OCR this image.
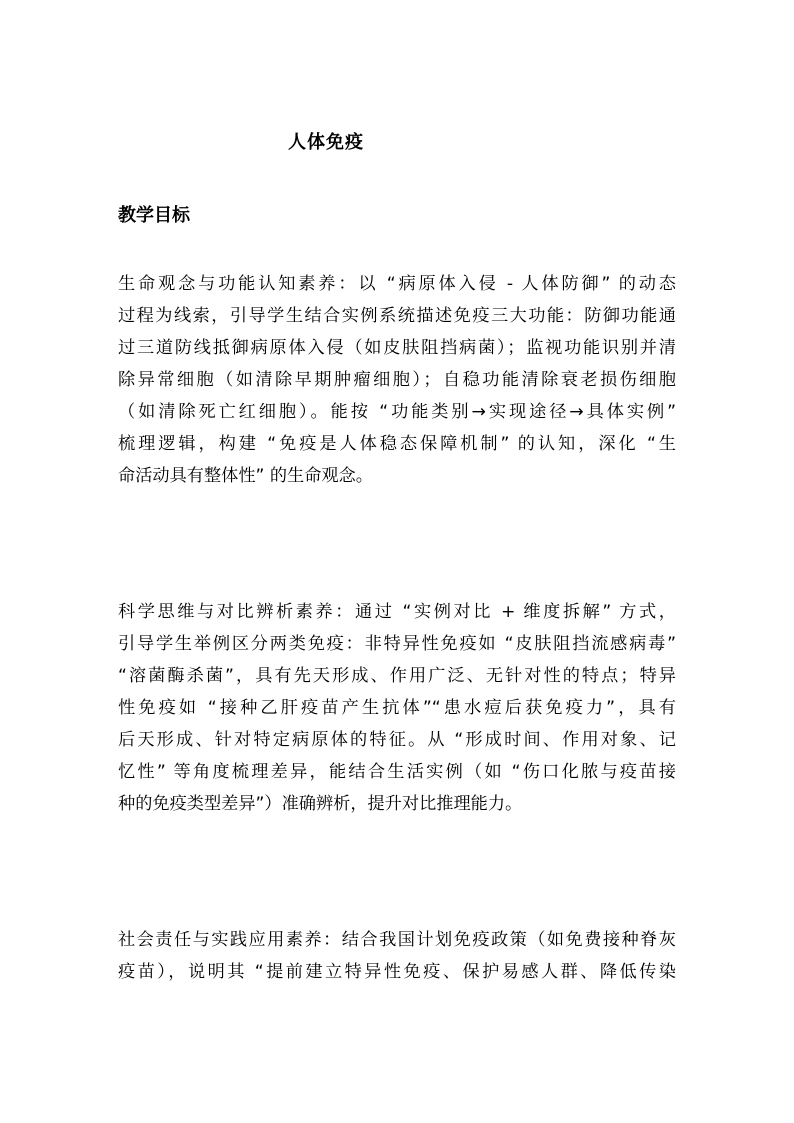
人体免疫
教学目标
生命观念与功能认知素养：以 “病原体入侵 - 人体防御” 的动态
过程为线索，引导学生结合实例系统描述免疫三大功能：防御功能通
过三道防线抵御病原体入侵（如皮肤阻挡病菌）；监视功能识别并清
除异常细胞（如清除早期肿瘤细胞）；自稳功能清除衰老损伤细胞
（如清除死亡红细胞）。能按 “功能类别→实现途径→具体实例”
梳理逻辑，构建 “免疫是人体稳态保障机制” 的认知，深化 “生
命活动具有整体性” 的生命观念。
科学思维与对比辨析素养：通过 “实例对比 + 维度拆解” 方式，
引导学生举例区分两类免疫：非特异性免疫如 “皮肤阻挡流感病毒”
“溶菌酶杀菌”，具有先天形成、作用广泛、无针对性的特点；特异
性免疫如 “接种乙肝疫苗产生抗体”“患水痘后获免疫力”，具有
后天形成、针对特定病原体的特征。从 “形成时间、作用对象、记
忆性” 等角度梳理差异，能结合生活实例（如 “伤口化脓与疫苗接
种的免疫类型差异”）准确辨析，提升对比推理能力。
社会责任与实践应用素养：结合我国计划免疫政策（如免费接种脊灰
疫苗），说明其 “提前建立特异性免疫、保护易感人群、降低传染
